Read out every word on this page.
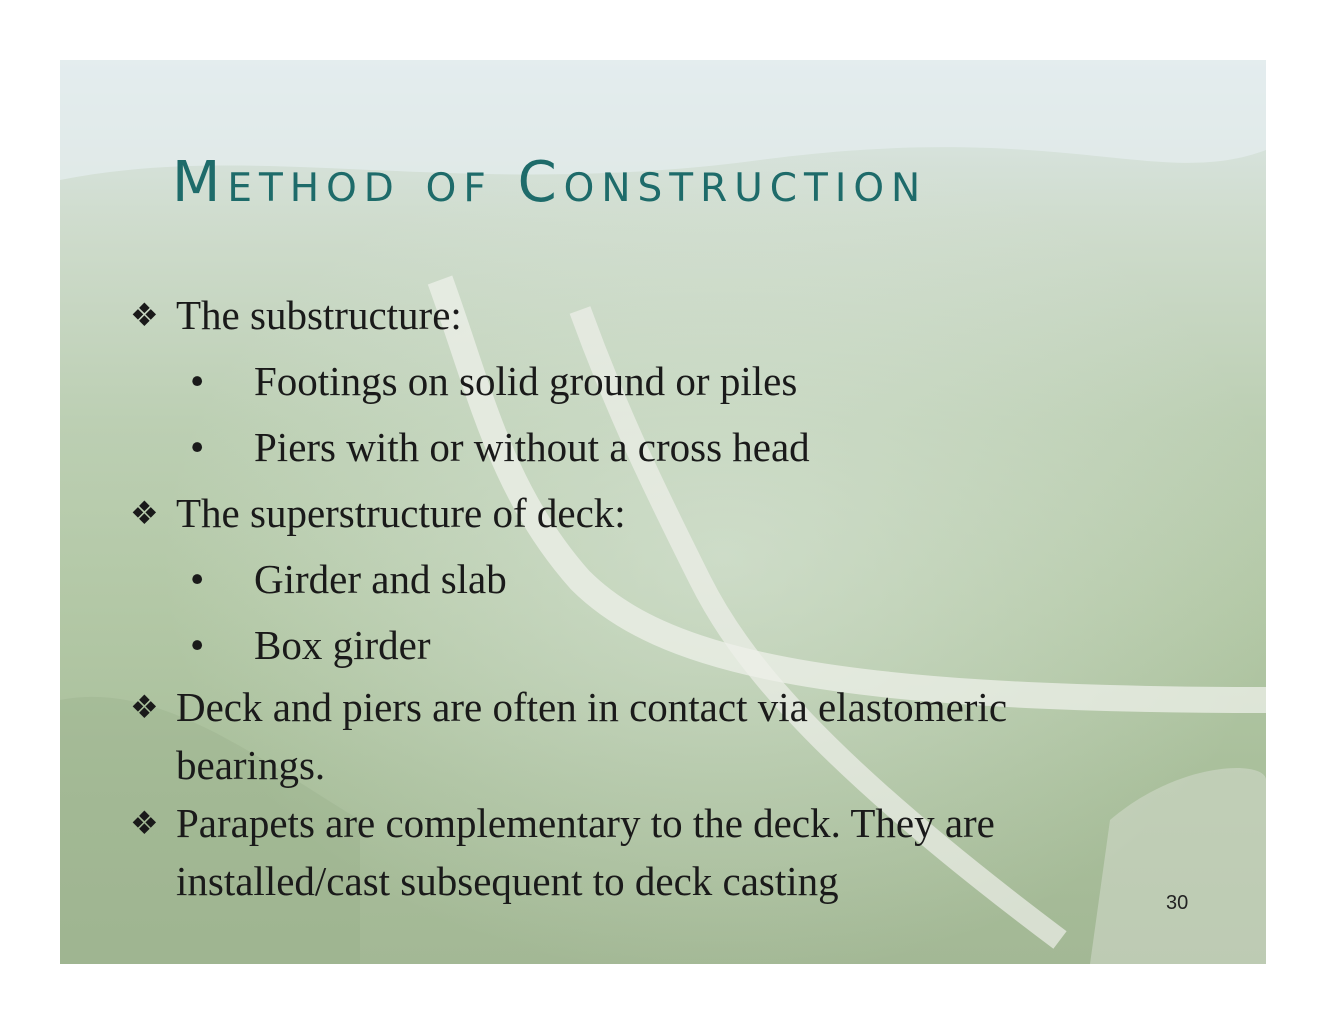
Method of Construction
❖ The substructure:
• Footings on solid ground or piles
• Piers with or without a cross head
❖ The superstructure of deck:
• Girder and slab
• Box girder
❖ Deck and piers are often in contact via elastomeric
bearings.
❖ Parapets are complementary to the deck. They are
installed/cast subsequent to deck casting	30
